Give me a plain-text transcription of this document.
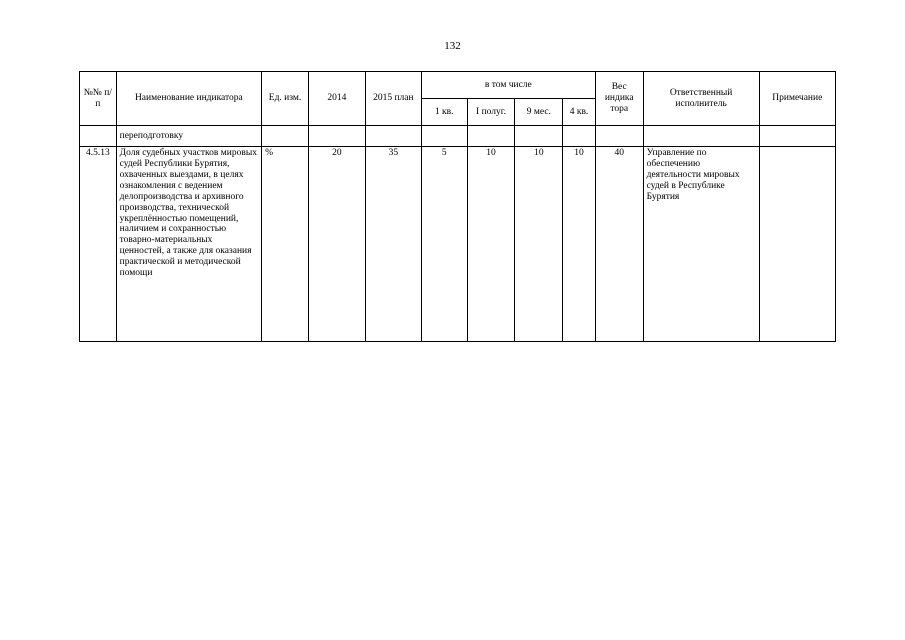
132
№№ п/п	Наименование индикатора	Ед. изм.	2014	2015 план	в том числе				Вес индика тора	Ответственный исполнитель	Примечание
					1 кв.	I полуг.	9 мес.	4 кв.			
	переподготовку										
4.5.13	Доля судебных участков мировых судей Республики Бурятия, охваченных выездами, в целях ознакомления с ведением делопроизводства и архивного производства, технической укреплённостью помещений, наличием и сохранностью товарно-материальных ценностей, а также для оказания практической и методической помощи	%	20	35	5	10	10	10	40	Управление по обеспечению деятельности мировых судей в Республике Бурятия	
